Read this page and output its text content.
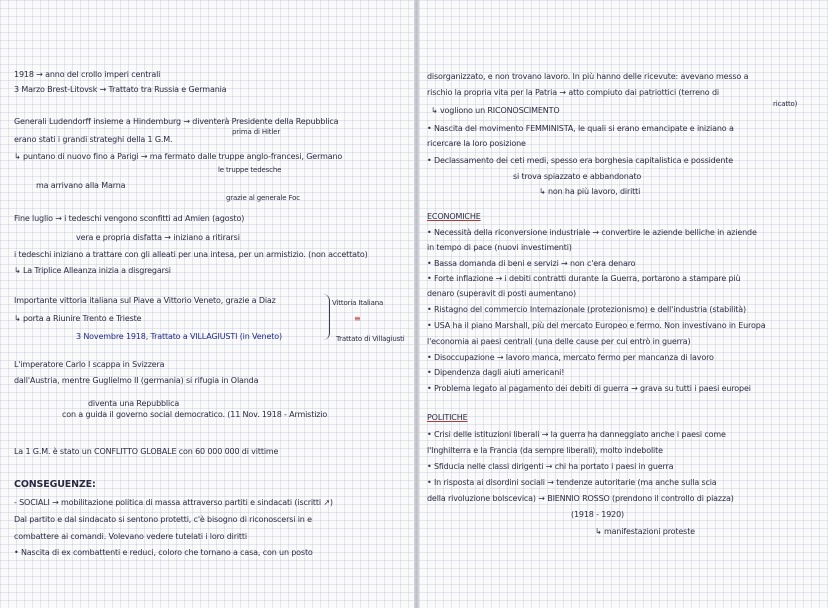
1918 → anno del crollo imperi centrali
3 Marzo Brest-Litovsk → Trattato tra Russia e Germania
Generali Ludendorff insieme a Hindemburg → diventerà Presidente della Repubblica
prima di Hitler
erano stati i grandi strateghi della 1 G.M.
↳ puntano di nuovo fino a Parigi → ma fermato dalle truppe anglo-francesi, Germano
le truppe tedesche
ma arrivano alla Marna
grazie al generale Foc
Fine luglio → i tedeschi vengono sconfitti ad Amien (agosto)
vera e propria disfatta → iniziano a ritirarsi
i tedeschi iniziano a trattare con gli alleati per una intesa, per un armistizio. (non accettato)
↳ La Triplice Alleanza inizia a disgregarsi
Importante vittoria italiana sul Piave a Vittorio Veneto, grazie a Diaz	Vittoria Italiana
≡
↳ porta a Riunire Trento e Trieste
3 Novembre 1918, Trattato a VILLAGIUSTI (in Veneto)	Trattato di Villagiusti
L'imperatore Carlo I scappa in Svizzera
dall'Austria, mentre Guglielmo II (germania) si rifugia in Olanda
diventa una Repubblica
con a guida il governo social democratico. (11 Nov. 1918 - Armistizio
La 1 G.M. è stato un CONFLITTO GLOBALE con 60 000 000 di vittime
CONSEGUENZE:
- SOCIALI → mobilitazione politica di massa attraverso partiti e sindacati (iscritti ↗)
Dal partito e dal sindacato si sentono protetti, c'è bisogno di riconoscersi in e
combattere ai comandi. Volevano vedere tutelati i loro diritti
• Nascita di ex combattenti e reduci, coloro che tornano a casa, con un posto
disorganizzato, e non trovano lavoro. In più hanno delle ricevute: avevano messo a
rischio la propria vita per la Patria → atto compiuto dai patriottici (terreno di
ricatto)
↳ vogliono un RICONOSCIMENTO
• Nascita del movimento FEMMINISTA, le quali si erano emancipate e iniziano a
ricercare la loro posizione
• Declassamento dei ceti medi, spesso era borghesia capitalistica e possidente
si trova spiazzato e abbandonato
↳ non ha più lavoro, diritti
ECONOMICHE
• Necessità della riconversione industriale → convertire le aziende belliche in aziende
in tempo di pace (nuovi investimenti)
• Bassa domanda di beni e servizi → non c'era denaro
• Forte inflazione → i debiti contratti durante la Guerra, portarono a stampare più
denaro (superavit di posti aumentano)
• Ristagno del commercio Internazionale (protezionismo) e dell'industria (stabilità)
• USA ha il piano Marshall, più del mercato Europeo e fermo. Non investivano in Europa
l'economia ai paesi centrali (una delle cause per cui entrò in guerra)
• Disoccupazione → lavoro manca, mercato fermo per mancanza di lavoro
• Dipendenza dagli aiuti americani!
• Problema legato al pagamento dei debiti di guerra → grava su tutti i paesi europei
POLITICHE
• Crisi delle istituzioni liberali → la guerra ha danneggiato anche i paesi come
l'Inghilterra e la Francia (da sempre liberali), molto indebolite
• Sfiducia nelle classi dirigenti → chi ha portato i paesi in guerra
• In risposta ai disordini sociali → tendenze autoritarie (ma anche sulla scia
della rivoluzione bolscevica) → BIENNIO ROSSO (prendono il controllo di piazza)
(1918 - 1920)
↳ manifestazioni proteste
